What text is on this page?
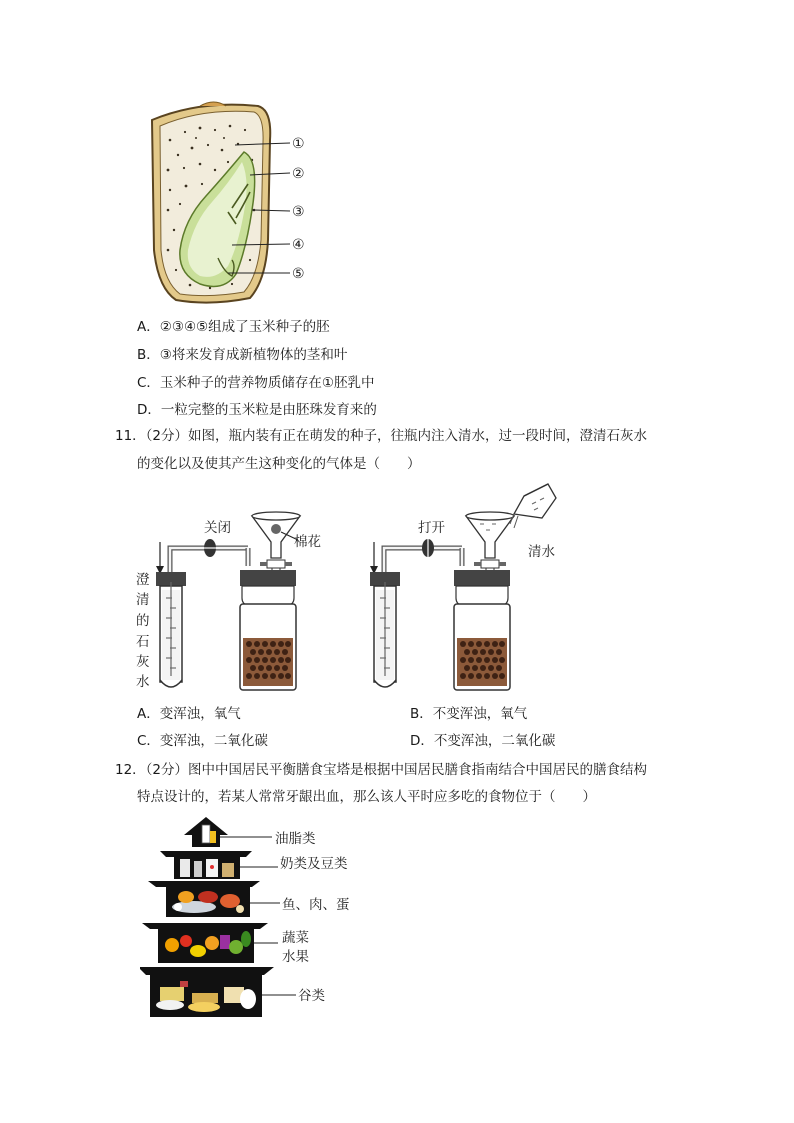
①
②
③
④
⑤
A．②③④⑤组成了玉米种子的胚
B．③将来发育成新植物体的茎和叶
C．玉米种子的营养物质储存在①胚乳中
D．一粒完整的玉米粒是由胚珠发育来的
11．（2分）如图，瓶内装有正在萌发的种子，往瓶内注入清水，过一段时间，澄清石灰水
的变化以及使其产生这种变化的气体是（　　）
关闭
棉花
澄
清
的
石
灰
水
打开
清水
A．变浑浊，氧气	B．不变浑浊，氧气
C．变浑浊，二氧化碳	D．不变浑浊，二氧化碳
12．（2分）图中中国居民平衡膳食宝塔是根据中国居民膳食指南结合中国居民的膳食结构
特点设计的，若某人常常牙龈出血，那么该人平时应多吃的食物位于（　　）
油脂类
奶类及豆类
鱼、肉、蛋
蔬菜
水果
谷类
